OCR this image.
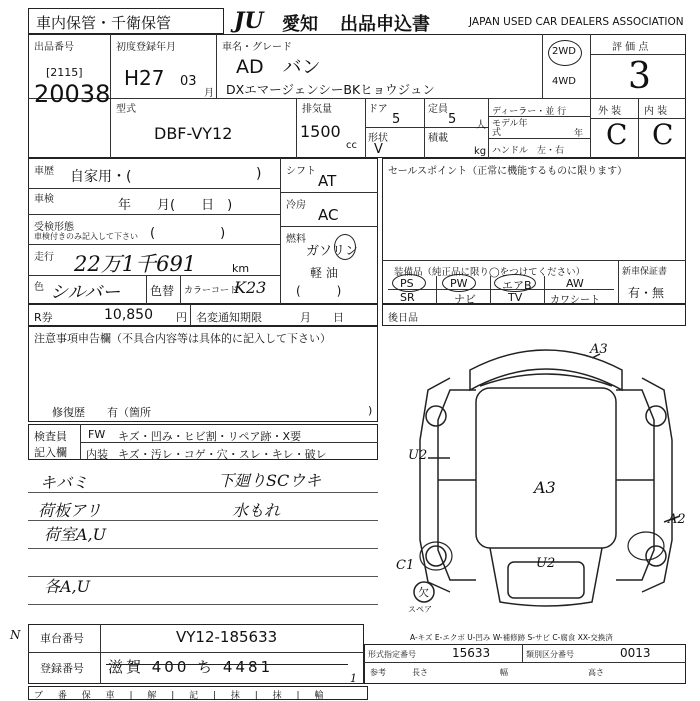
車内保管・千衛保管	JU 愛知 出品申込書	JAPAN USED CAR DEALERS ASSOCIATION
出品番号
[2115]
20038
初度登録年月
H27 03
月
車名・グレード
AD　バン
DXエマージェンシーBKヒョウジュン
2WD
4WD
評 価 点
3
型式
DBF-VY12
排気量
1500
cc
ドア
5
定員
5 人
形状
V
積載
kg
ディーラー・並 行
モデル年式	年
ハンドル　左・右
外 装 内 装
C C
車歴 自家用・(	)
車検	年　　月(　　日　)
受検形態
車検付きのみ記入して下さい (　　　　　)
走行 22万1千691	km
色 シルバー 色替 カラーコード
K23
シフト
AT
冷房
AC
燃料
ガソリン
軽 油
(　　　)
セールスポイント（正常に機能するものに限ります）
装備品（純正品に限り◯をつけてください）	新車保証書
有・無
PS	PW	エアB	AW
SR	ナビ	TV	カワシート
R券	10,850 円 名変通知期限	月　　日	後日品
注意事項申告欄（不具合内容等は具体的に記入して下さい）
修復歴　　有（箇所	)
検査員
記入欄
FW キズ・凹み・ヒビ割・リペア跡・X要
内装 キズ・汚レ・コゲ・穴・スレ・キレ・破レ
キバミ
荷板アリ
荷室A,U
下廻りSCウキ
水もれ
各A,U
A3
U2
A3
A2
U2
C1
欠
スペア
A-キズ E-エクボ U-凹み W-補修跡 S-サビ C-腐食 XX-交換済
N 車台番号	VY12-185633
登録番号 滋賀 400 ち 4481
形式指定番号	15633	類別区分番号	0013
参考	長さ	幅	高さ
ブ 番 保 車 | 解 | 記 | 抹 | 抹 | 輸
1
